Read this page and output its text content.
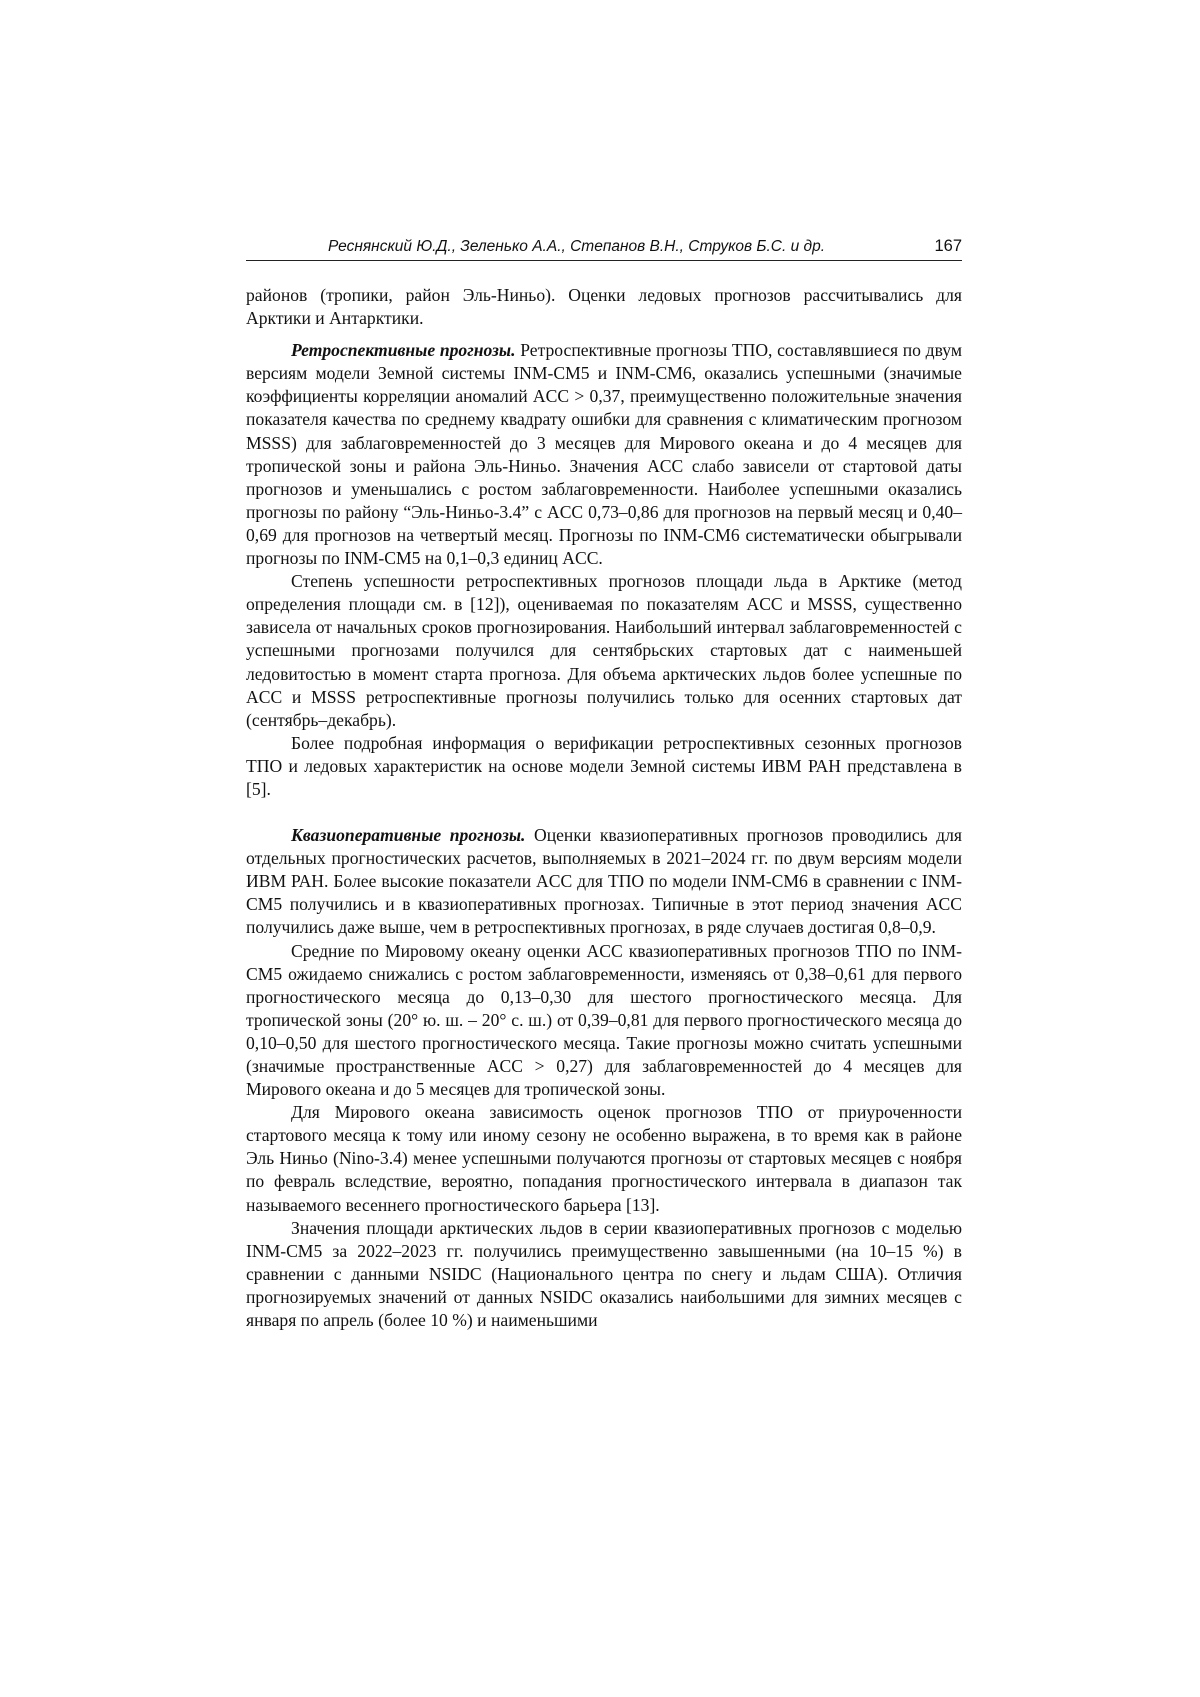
Реснянский Ю.Д., Зеленько А.А., Степанов В.Н., Струков Б.С. и др.	167

районов (тропики, район Эль-Ниньо). Оценки ледовых прогнозов рассчитывались для Арктики и Антарктики.

Ретроспективные прогнозы. Ретроспективные прогнозы ТПО, составлявшиеся по двум версиям модели Земной системы INM-CM5 и INM-CM6, оказались успешными (значимые коэффициенты корреляции аномалий ACC > 0,37, преимущественно положительные значения показателя качества по среднему квадрату ошибки для сравнения с климатическим прогнозом MSSS) для заблаговременностей до 3 месяцев для Мирового океана и до 4 месяцев для тропической зоны и района Эль-Ниньо. Значения ACC слабо зависели от стартовой даты прогнозов и уменьшались с ростом заблаговременности. Наиболее успешными оказались прогнозы по району “Эль-Ниньо-3.4” с ACC 0,73–0,86 для прогнозов на первый месяц и 0,40–0,69 для прогнозов на четвертый месяц. Прогнозы по INM-CM6 систематически обыгрывали прогнозы по INM-CM5 на 0,1–0,3 единиц ACC.

Степень успешности ретроспективных прогнозов площади льда в Арктике (метод определения площади см. в [12]), оцениваемая по показателям ACC и MSSS, существенно зависела от начальных сроков прогнозирования. Наибольший интервал заблаговременностей с успешными прогнозами получился для сентябрьских стартовых дат с наименьшей ледовитостью в момент старта прогноза. Для объема арктических льдов более успешные по ACC и MSSS ретроспективные прогнозы получились только для осенних стартовых дат (сентябрь–декабрь).

Более подробная информация о верификации ретроспективных сезонных прогнозов ТПО и ледовых характеристик на основе модели Земной системы ИВМ РАН представлена в [5].

Квазиоперативные прогнозы. Оценки квазиоперативных прогнозов проводились для отдельных прогностических расчетов, выполняемых в 2021–2024 гг. по двум версиям модели ИВМ РАН. Более высокие показатели ACC для ТПО по модели INM-CM6 в сравнении с INM-CM5 получились и в квазиоперативных прогнозах. Типичные в этот период значения ACC получились даже выше, чем в ретроспективных прогнозах, в ряде случаев достигая 0,8–0,9.

Средние по Мировому океану оценки ACC квазиоперативных прогнозов ТПО по INM-CM5 ожидаемо снижались с ростом заблаговременности, изменяясь от 0,38–0,61 для первого прогностического месяца до 0,13–0,30 для шестого прогностического месяца. Для тропической зоны (20° ю. ш. – 20° с. ш.) от 0,39–0,81 для первого прогностического месяца до 0,10–0,50 для шестого прогностического месяца. Такие прогнозы можно считать успешными (значимые пространственные ACC > 0,27) для заблаговременностей до 4 месяцев для Мирового океана и до 5 месяцев для тропической зоны.

Для Мирового океана зависимость оценок прогнозов ТПО от приуроченности стартового месяца к тому или иному сезону не особенно выражена, в то время как в районе Эль Ниньо (Nino-3.4) менее успешными получаются прогнозы от стартовых месяцев с ноября по февраль вследствие, вероятно, попадания прогностического интервала в диапазон так называемого весеннего прогностического барьера [13].

Значения площади арктических льдов в серии квазиоперативных прогнозов с моделью INM-CM5 за 2022–2023 гг. получились преимущественно завышенными (на 10–15 %) в сравнении с данными NSIDC (Национального центра по снегу и льдам США). Отличия прогнозируемых значений от данных NSIDC оказались наибольшими для зимних месяцев с января по апрель (более 10 %) и наименьшими
